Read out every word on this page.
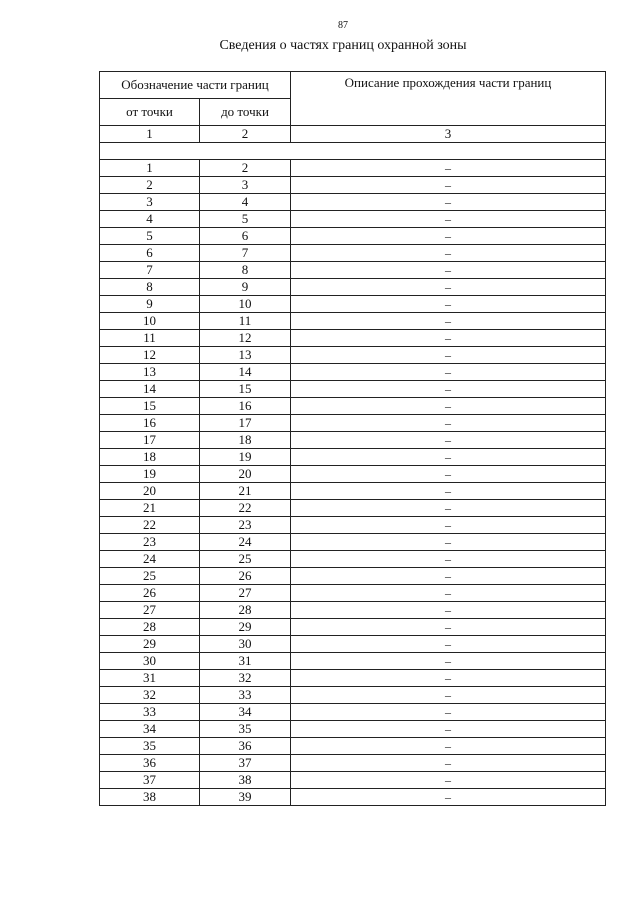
87
Сведения о частях границ охранной зоны
Обозначение части границ		Описание прохождения части границ
от точки	до точки	
1	2	3

1	2	–
2	3	–
3	4	–
4	5	–
5	6	–
6	7	–
7	8	–
8	9	–
9	10	–
10	11	–
11	12	–
12	13	–
13	14	–
14	15	–
15	16	–
16	17	–
17	18	–
18	19	–
19	20	–
20	21	–
21	22	–
22	23	–
23	24	–
24	25	–
25	26	–
26	27	–
27	28	–
28	29	–
29	30	–
30	31	–
31	32	–
32	33	–
33	34	–
34	35	–
35	36	–
36	37	–
37	38	–
38	39	–
